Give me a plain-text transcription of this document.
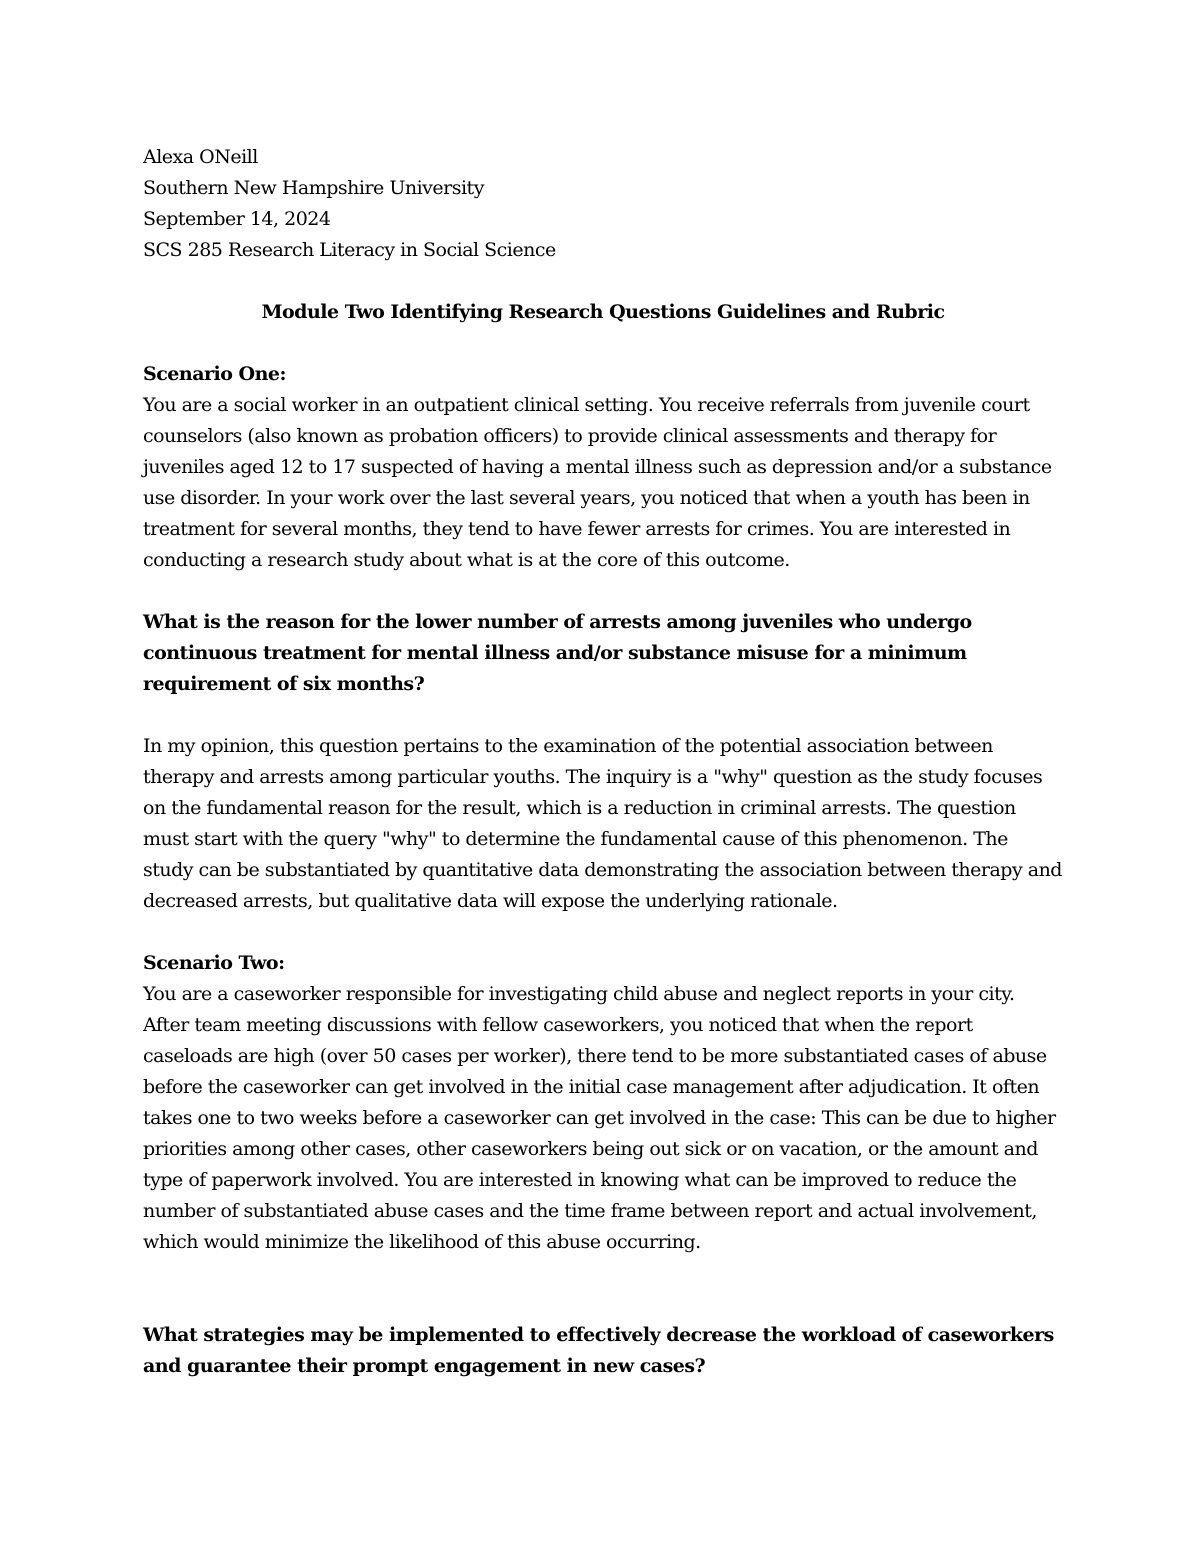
Alexa ONeill
Southern New Hampshire University
September 14, 2024
SCS 285 Research Literacy in Social Science
Module Two Identifying Research Questions Guidelines and Rubric
Scenario One:

You are a social worker in an outpatient clinical setting. You receive referrals from juvenile court counselors (also known as probation officers) to provide clinical assessments and therapy for juveniles aged 12 to 17 suspected of having a mental illness such as depression and/or a substance use disorder. In your work over the last several years, you noticed that when a youth has been in treatment for several months, they tend to have fewer arrests for crimes. You are interested in conducting a research study about what is at the core of this outcome.

What is the reason for the lower number of arrests among juveniles who undergo continuous treatment for mental illness and/or substance misuse for a minimum requirement of six months?

In my opinion, this question pertains to the examination of the potential association between therapy and arrests among particular youths. The inquiry is a "why" question as the study focuses on the fundamental reason for the result, which is a reduction in criminal arrests. The question must start with the query "why" to determine the fundamental cause of this phenomenon. The study can be substantiated by quantitative data demonstrating the association between therapy and decreased arrests, but qualitative data will expose the underlying rationale.

Scenario Two:

You are a caseworker responsible for investigating child abuse and neglect reports in your city. After team meeting discussions with fellow caseworkers, you noticed that when the report caseloads are high (over 50 cases per worker), there tend to be more substantiated cases of abuse before the caseworker can get involved in the initial case management after adjudication. It often takes one to two weeks before a caseworker can get involved in the case: This can be due to higher priorities among other cases, other caseworkers being out sick or on vacation, or the amount and type of paperwork involved. You are interested in knowing what can be improved to reduce the number of substantiated abuse cases and the time frame between report and actual involvement, which would minimize the likelihood of this abuse occurring.

What strategies may be implemented to effectively decrease the workload of caseworkers and guarantee their prompt engagement in new cases?
